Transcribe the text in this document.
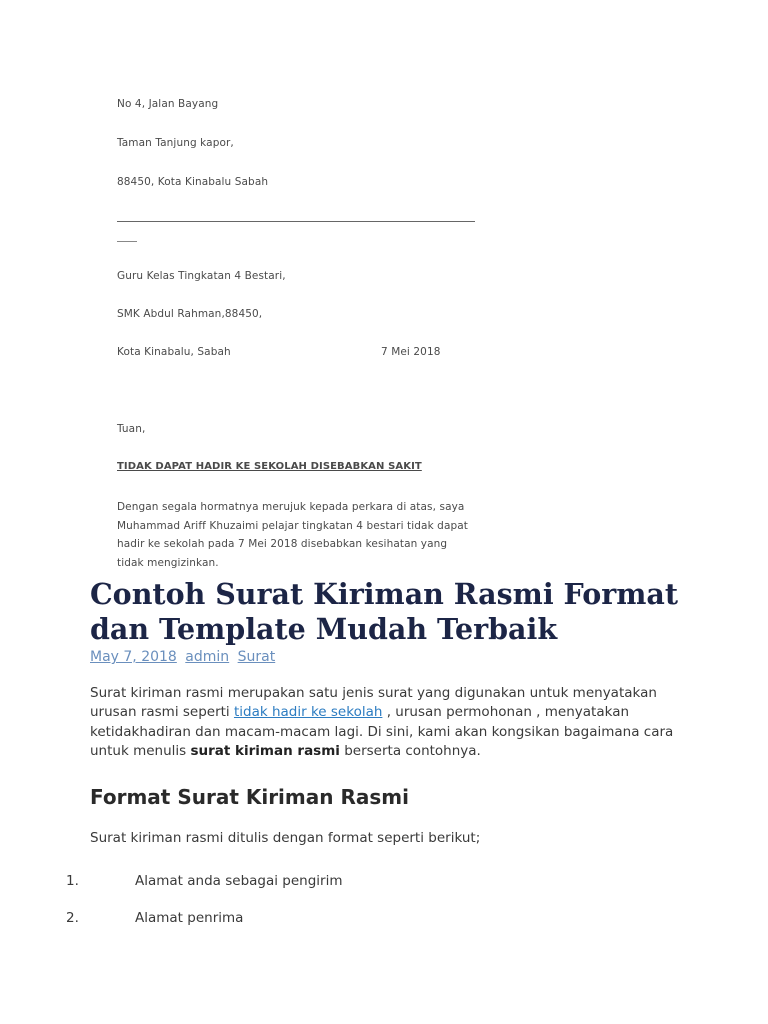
No 4, Jalan Bayang
Taman Tanjung kapor,
88450, Kota Kinabalu Sabah
Guru Kelas Tingkatan 4 Bestari,
SMK Abdul Rahman,88450,
Kota Kinabalu, Sabah	7 Mei 2018
Tuan,
TIDAK DAPAT HADIR KE SEKOLAH DISEBABKAN SAKIT
Dengan segala hormatnya merujuk kepada perkara di atas, saya Muhammad Ariff Khuzaimi pelajar tingkatan 4 bestari tidak dapat hadir ke sekolah pada 7 Mei 2018 disebabkan kesihatan yang tidak mengizinkan.
Contoh Surat Kiriman Rasmi Format dan Template Mudah Terbaik
May 7, 2018 admin Surat

Surat kiriman rasmi merupakan satu jenis surat yang digunakan untuk menyatakan urusan rasmi seperti tidak hadir ke sekolah , urusan permohonan , menyatakan ketidakhadiran dan macam-macam lagi. Di sini, kami akan kongsikan bagaimana cara untuk menulis surat kiriman rasmi berserta contohnya.

Format Surat Kiriman Rasmi

Surat kiriman rasmi ditulis dengan format seperti berikut;

1.	Alamat anda sebagai pengirim
2.	Alamat penrima
